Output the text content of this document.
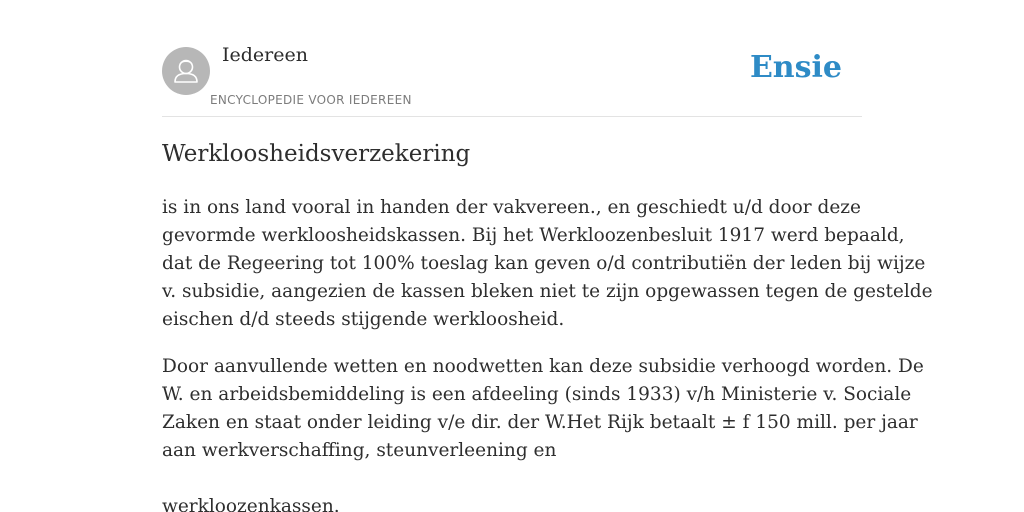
Iedereen
ENCYCLOPEDIE VOOR IEDEREEN
Ensie
Werkloosheidsverzekering

is in ons land vooral in handen der vakvereen., en geschiedt u/d door deze
gevormde werkloosheidskassen. Bij het Werkloozenbesluit 1917 werd bepaald,
dat de Regeering tot 100% toeslag kan geven o/d contributiën der leden bij wijze
v. subsidie, aangezien de kassen bleken niet te zijn opgewassen tegen de gestelde
eischen d/d steeds stijgende werkloosheid.

Door aanvullende wetten en noodwetten kan deze subsidie verhoogd worden. De
W. en arbeidsbemiddeling is een afdeeling (sinds 1933) v/h Ministerie v. Sociale
Zaken en staat onder leiding v/e dir. der W.Het Rijk betaalt ± f 150 mill. per jaar
aan werkverschaffing, steunverleening en

werkloozenkassen.
